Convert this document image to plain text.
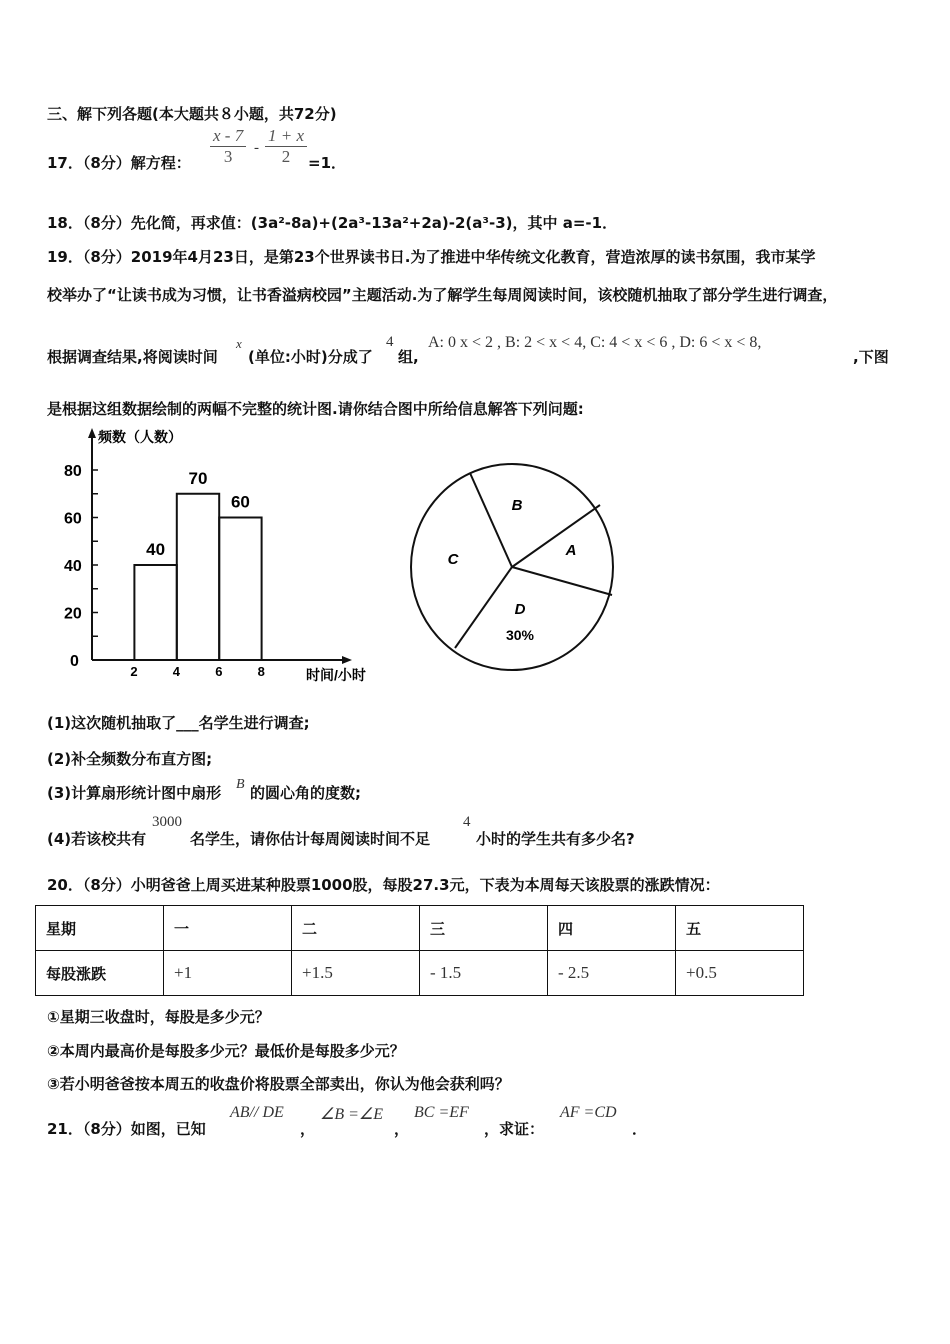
三、解下列各题(本大题共８小题，共72分)
17．（8分）解方程： $\frac{x - 7}{3} - \frac{1 + x}{2} =1$．
18．（8分）先化简，再求值：(3a²-8a)+(2a³-13a²+2a)-2(a³-3)，其中 a=-1．
19．（8分）2019年4月23日，是第23个世界读书日.为了推进中华传统文化教育，营造浓厚的读书氛围，我市某学
校举办了“让读书成为习惯，让书香溢病校园”主题活动.为了解学生每周阅读时间，该校随机抽取了部分学生进行调查，
根据调查结果,将阅读时间
x
(单位:小时)分成了
4
组,
A: 0 x < 2 , B: 2 < x < 4, C: 4 < x < 6 , D: 6 < x < 8,
,下图
是根据这组数据绘制的两幅不完整的统计图.请你结合图中所给信息解答下列问题:
频数（人数）
时间/小时
0
20
40
60
80
2	4	6	8
40
70
60
A
B
C
D
30%
(1)这次随机抽取了___名学生进行调查;
(2)补全频数分布直方图;
(3)计算扇形统计图中扇形 B 的圆心角的度数;
(4)若该校共有
3000
名学生，请你估计每周阅读时间不足
4
小时的学生共有多少名?
20．（8分）小明爸爸上周买进某种股票1000股，每股27.3元，下表为本周每天该股票的涨跌情况：
星期	一	二	三	四	五
每股涨跌	+1	+1.5	- 1.5	- 2.5	+0.5
①星期三收盘时，每股是多少元？
②本周内最高价是每股多少元？最低价是每股多少元？
③若小明爸爸按本周五的收盘价将股票全部卖出，你认为他会获利吗？
21．（8分）如图，已知
AB// DE
，
∠B =∠E
，
BC =EF
，求证：
AF =CD
．
